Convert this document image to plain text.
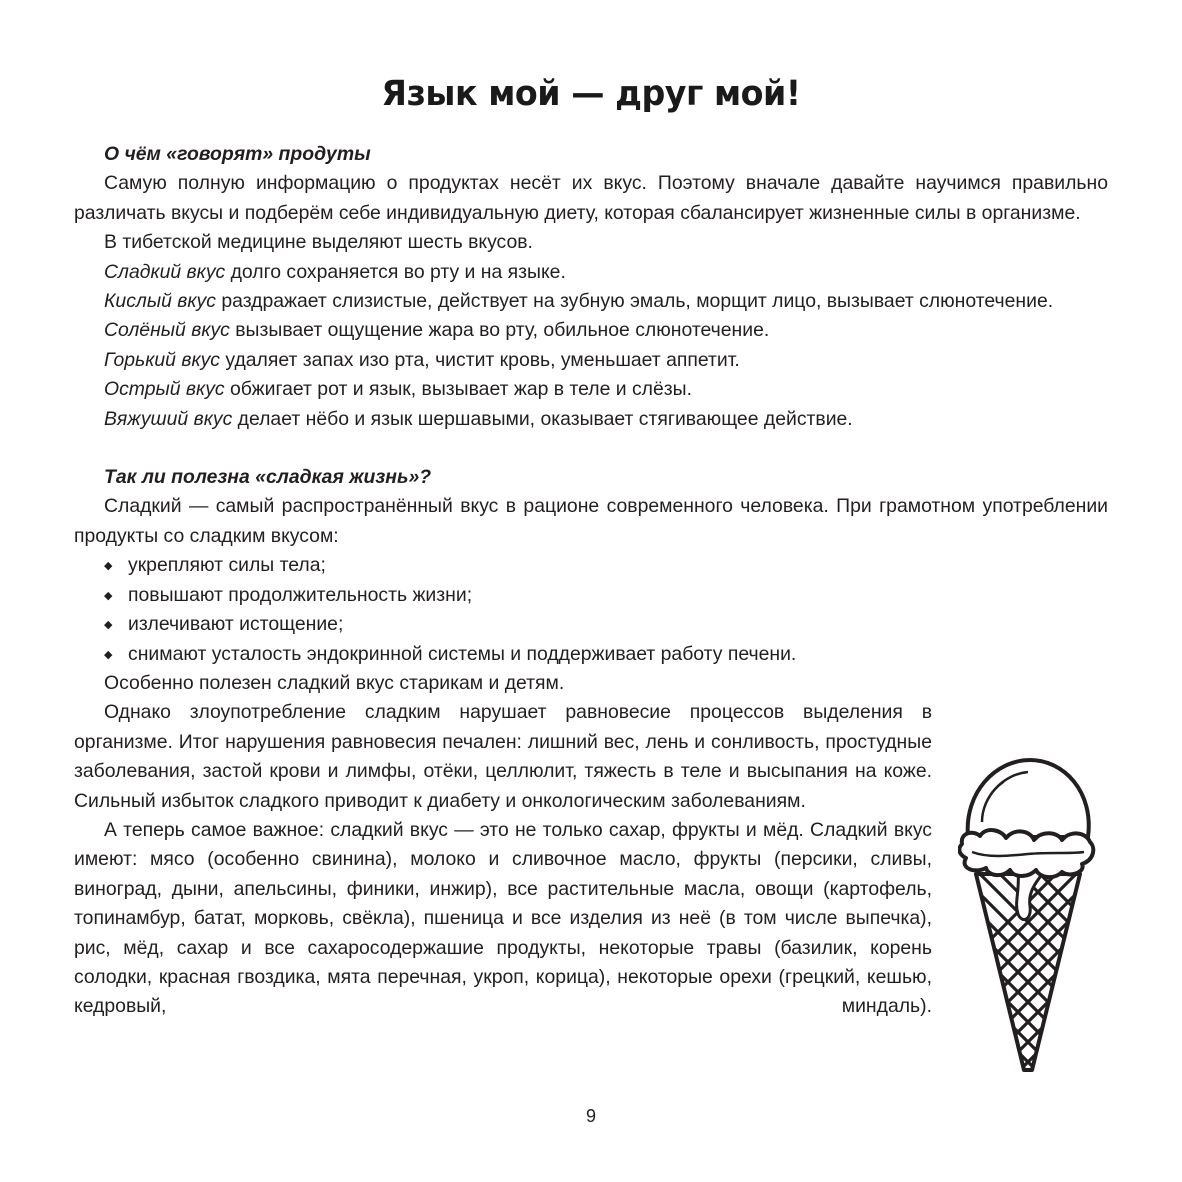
Язык мой — друг мой!

О чём «говорят» продуты

Самую полную информацию о продуктах несёт их вкус. Поэтому вначале давайте научимся правильно различать вкусы и подберём себе индивидуальную диету, которая сбалансирует жизненные силы в организме.

В тибетской медицине выделяют шесть вкусов.

Сладкий вкус долго сохраняется во рту и на языке.

Кислый вкус раздражает слизистые, действует на зубную эмаль, морщит лицо, вызывает слюнотечение.

Солёный вкус вызывает ощущение жара во рту, обильное слюнотечение.

Горький вкус удаляет запах изо рта, чистит кровь, уменьшает аппетит.

Острый вкус обжигает рот и язык, вызывает жар в теле и слёзы.

Вяжуший вкус делает нёбо и язык шершавыми, оказывает стягивающее действие.

Так ли полезна «сладкая жизнь»?

Сладкий — самый распространённый вкус в рационе современного человека. При грамотном употреблении продукты со сладким вкусом:

◆ укрепляют силы тела;
◆ повышают продолжительность жизни;
◆ излечивают истощение;
◆ снимают усталость эндокринной системы и поддерживает работу печени.

Особенно полезен сладкий вкус старикам и детям.

Однако злоупотребление сладким нарушает равновесие процессов выделения в организме. Итог нарушения равновесия печален: лишний вес, лень и сонливость, простудные заболевания, застой крови и лимфы, отёки, целлюлит, тяжесть в теле и высыпания на коже. Сильный избыток сладкого приводит к диабету и онкологическим заболеваниям.

А теперь самое важное: сладкий вкус — это не только сахар, фрукты и мёд. Сладкий вкус имеют: мясо (особенно свинина), молоко и сливочное масло, фрукты (персики, сливы, виноград, дыни, апельсины, финики, инжир), все растительные масла, овощи (картофель, топинамбур, батат, морковь, свёкла), пшеница и все изделия из неё (в том числе выпечка), рис, мёд, сахар и все сахаросодержашие продукты, некоторые травы (базилик, корень солодки, красная гвоздика, мята перечная, укроп, корица), некоторые орехи (грецкий, кешью, кедровый, миндаль).

9
